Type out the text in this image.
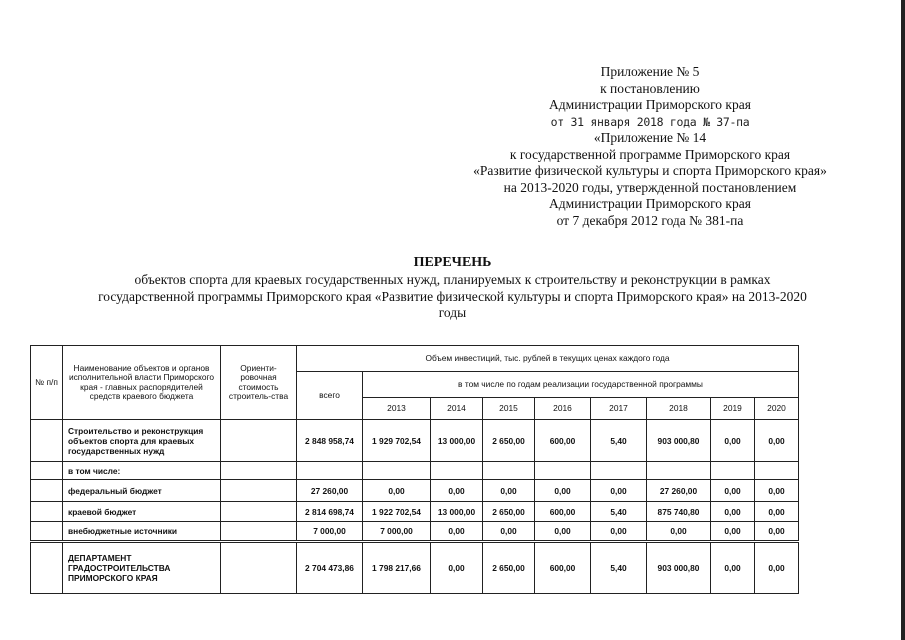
Приложение № 5
к постановлению
Администрации Приморского края
от 31 января 2018 года № 37-па
«Приложение № 14
к государственной программе Приморского края
«Развитие физической культуры и спорта Приморского края»
на 2013-2020 годы, утвержденной постановлением
Администрации Приморского края
от 7 декабря 2012 года № 381-па
ПЕРЕЧЕНЬ
объектов спорта для краевых государственных нужд, планируемых к строительству и реконструкции в рамках
государственной программы Приморского края «Развитие физической культуры и спорта Приморского края» на 2013-2020
годы
№ п/п	Наименование объектов и органов исполнительной власти Приморского края - главных распорядителей средств краевого бюджета	Ориенти-ровочная стоимость строитель-ства	Объем инвестиций, тыс. рублей в текущих ценах каждого года								
			всего	в том числе по годам реализации государственной программы							
				2013	2014	2015	2016	2017	2018	2019	2020
	Строительство и реконструкция объектов спорта для краевых государственных нужд		2 848 958,74	1 929 702,54	13 000,00	2 650,00	600,00	5,40	903 000,80	0,00	0,00
	в том числе:										
	федеральный бюджет		27 260,00	0,00	0,00	0,00	0,00	0,00	27 260,00	0,00	0,00
	краевой бюджет		2 814 698,74	1 922 702,54	13 000,00	2 650,00	600,00	5,40	875 740,80	0,00	0,00
	внебюджетные источники		7 000,00	7 000,00	0,00	0,00	0,00	0,00	0,00	0,00	0,00
	ДЕПАРТАМЕНТ ГРАДОСТРОИТЕЛЬСТВА ПРИМОРСКОГО КРАЯ		2 704 473,86	1 798 217,66	0,00	2 650,00	600,00	5,40	903 000,80	0,00	0,00
